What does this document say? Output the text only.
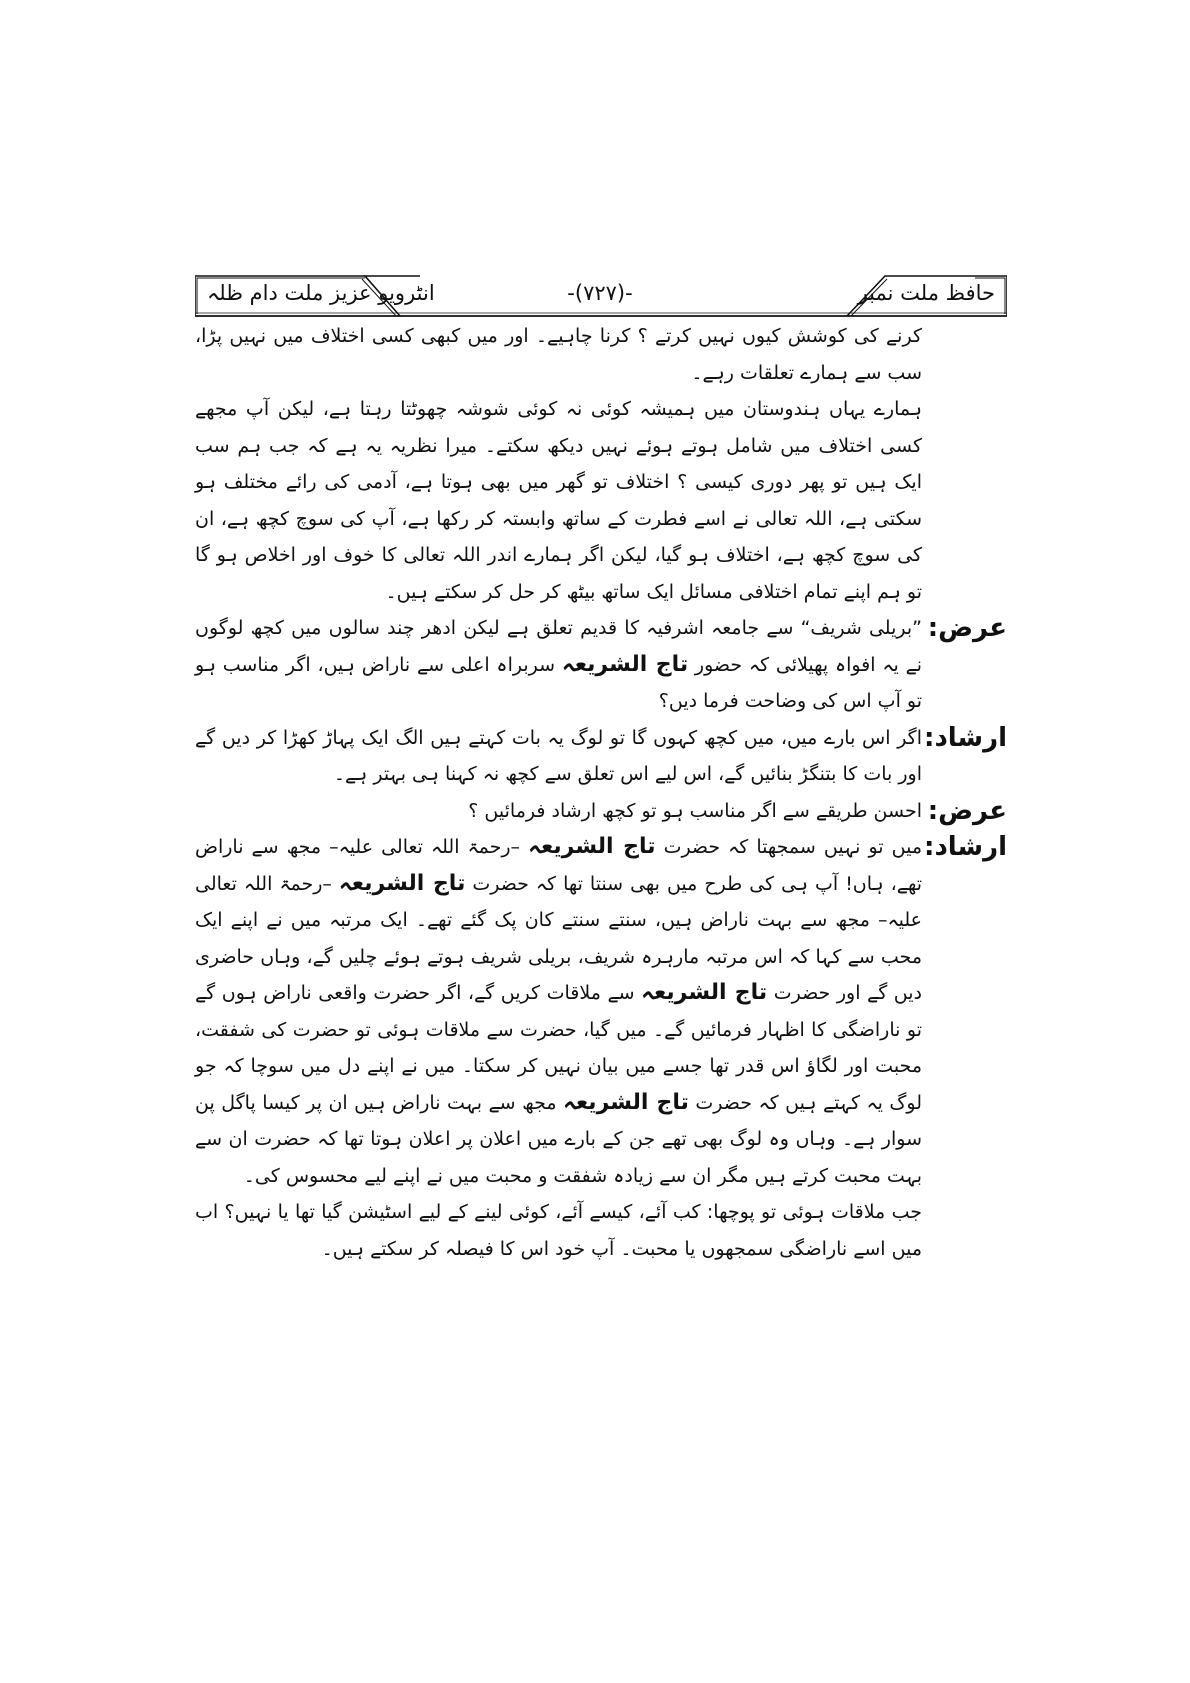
حافظ ملت نمبر
-(۷۲۷)-
انٹرویو عزیز ملت دام ظلہ

کرنے کی کوشش کیوں نہیں کرتے ؟ کرنا چاہیے۔ اور میں کبھی کسی اختلاف میں نہیں پڑا، سب سے ہمارے تعلقات رہے۔

ہمارے یہاں ہندوستان میں ہمیشہ کوئی نہ کوئی شوشہ چھوٹتا رہتا ہے، لیکن آپ مجھے کسی اختلاف میں شامل ہوتے ہوئے نہیں دیکھ سکتے۔ میرا نظریہ یہ ہے کہ جب ہم سب ایک ہیں تو پھر دوری کیسی ؟ اختلاف تو گھر میں بھی ہوتا ہے، آدمی کی رائے مختلف ہو سکتی ہے، اللہ تعالی نے اسے فطرت کے ساتھ وابستہ کر رکھا ہے، آپ کی سوچ کچھ ہے، ان کی سوچ کچھ ہے، اختلاف ہو گیا، لیکن اگر ہمارے اندر اللہ تعالی کا خوف اور اخلاص ہو گا تو ہم اپنے تمام اختلافی مسائل ایک ساتھ بیٹھ کر حل کر سکتے ہیں۔

عرض:

”بریلی شریف“ سے جامعہ اشرفیہ کا قدیم تعلق ہے لیکن ادھر چند سالوں میں کچھ لوگوں نے یہ افواہ پھیلائی کہ حضور تاج الشریعہ سربراہ اعلی سے ناراض ہیں، اگر مناسب ہو تو آپ اس کی وضاحت فرما دیں؟

ارشاد:

اگر اس بارے میں، میں کچھ کہوں گا تو لوگ یہ بات کہتے ہیں الگ ایک پہاڑ کھڑا کر دیں گے اور بات کا بتنگڑ بنائیں گے، اس لیے اس تعلق سے کچھ نہ کہنا ہی بہتر ہے۔

عرض:

احسن طریقے سے اگر مناسب ہو تو کچھ ارشاد فرمائیں ؟

ارشاد:

میں تو نہیں سمجھتا کہ حضرت تاج الشریعہ –رحمۃ اللہ تعالی علیہ– مجھ سے ناراض تھے، ہاں! آپ ہی کی طرح میں بھی سنتا تھا کہ حضرت تاج الشریعہ –رحمۃ اللہ تعالی علیہ– مجھ سے بہت ناراض ہیں، سنتے سنتے کان پک گئے تھے۔ ایک مرتبہ میں نے اپنے ایک محب سے کہا کہ اس مرتبہ مارہرہ شریف، بریلی شریف ہوتے ہوئے چلیں گے، وہاں حاضری دیں گے اور حضرت تاج الشریعہ سے ملاقات کریں گے، اگر حضرت واقعی ناراض ہوں گے تو ناراضگی کا اظہار فرمائیں گے۔ میں گیا، حضرت سے ملاقات ہوئی تو حضرت کی شفقت، محبت اور لگاؤ اس قدر تھا جسے میں بیان نہیں کر سکتا۔ میں نے اپنے دل میں سوچا کہ جو لوگ یہ کہتے ہیں کہ حضرت تاج الشریعہ مجھ سے بہت ناراض ہیں ان پر کیسا پاگل پن سوار ہے۔ وہاں وہ لوگ بھی تھے جن کے بارے میں اعلان پر اعلان ہوتا تھا کہ حضرت ان سے بہت محبت کرتے ہیں مگر ان سے زیادہ شفقت و محبت میں نے اپنے لیے محسوس کی۔

جب ملاقات ہوئی تو پوچھا: کب آئے، کیسے آئے، کوئی لینے کے لیے اسٹیشن گیا تھا یا نہیں؟ اب میں اسے ناراضگی سمجھوں یا محبت۔ آپ خود اس کا فیصلہ کر سکتے ہیں۔
